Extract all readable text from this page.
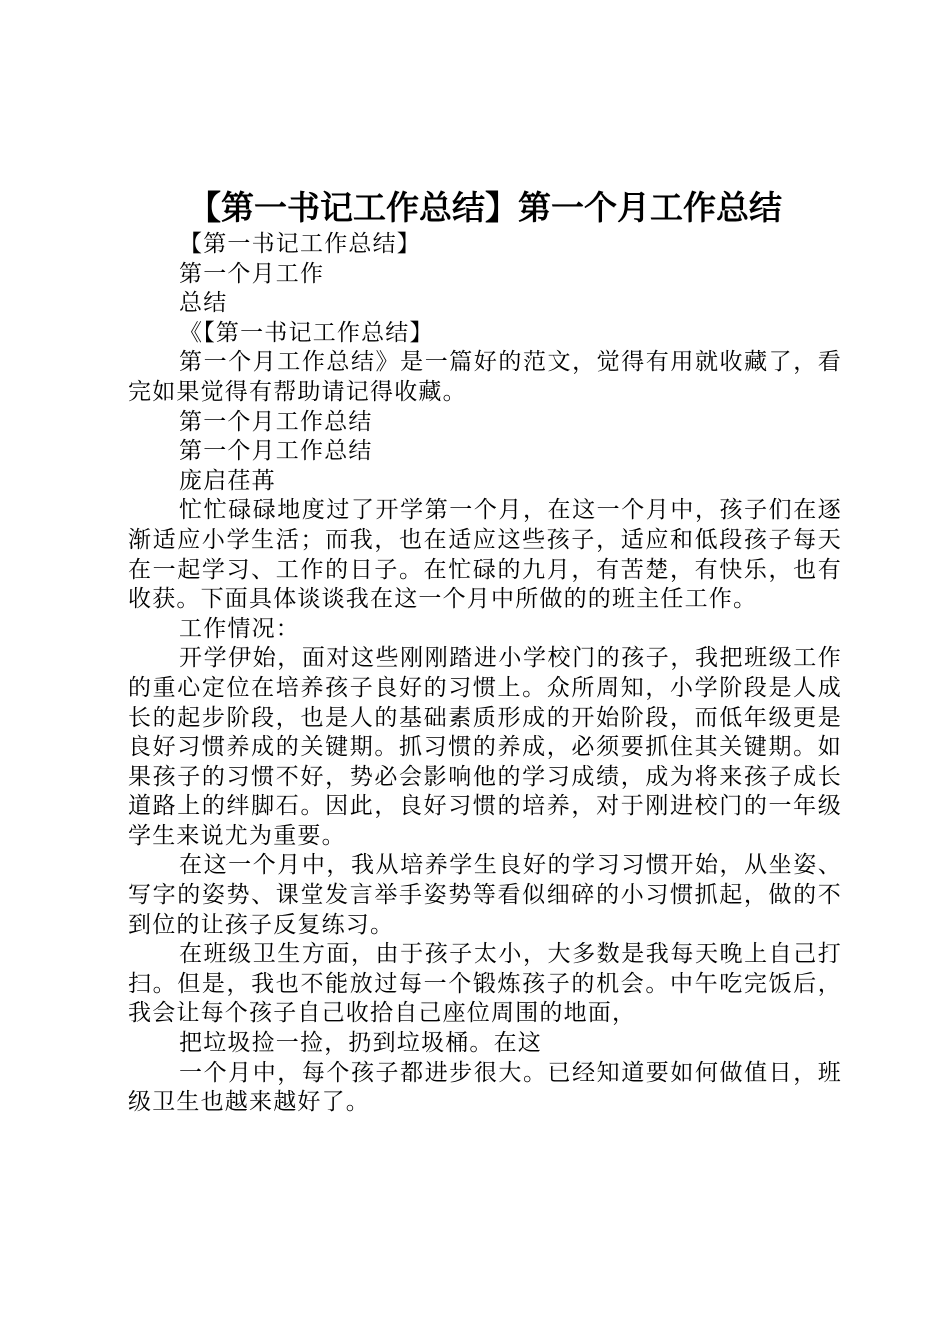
【第一书记工作总结】第一个月工作总结

【第一书记工作总结】

第一个月工作

总结

《【第一书记工作总结】

第一个月工作总结》是一篇好的范文，觉得有用就收藏了，看完如果觉得有帮助请记得收藏。

第一个月工作总结

第一个月工作总结

庞启荏苒

忙忙碌碌地度过了开学第一个月，在这一个月中，孩子们在逐渐适应小学生活；而我，也在适应这些孩子，适应和低段孩子每天在一起学习、工作的日子。在忙碌的九月，有苦楚，有快乐，也有收获。下面具体谈谈我在这一个月中所做的的班主任工作。

工作情况：

开学伊始，面对这些刚刚踏进小学校门的孩子，我把班级工作的重心定位在培养孩子良好的习惯上。众所周知，小学阶段是人成长的起步阶段，也是人的基础素质形成的开始阶段，而低年级更是良好习惯养成的关键期。抓习惯的养成，必须要抓住其关键期。如果孩子的习惯不好，势必会影响他的学习成绩，成为将来孩子成长道路上的绊脚石。因此，良好习惯的培养，对于刚进校门的一年级学生来说尤为重要。

在这一个月中，我从培养学生良好的学习习惯开始，从坐姿、写字的姿势、课堂发言举手姿势等看似细碎的小习惯抓起，做的不到位的让孩子反复练习。

在班级卫生方面，由于孩子太小，大多数是我每天晚上自己打扫。但是，我也不能放过每一个锻炼孩子的机会。中午吃完饭后，我会让每个孩子自己收拾自己座位周围的地面，

把垃圾捡一捡，扔到垃圾桶。在这

一个月中，每个孩子都进步很大。已经知道要如何做值日，班级卫生也越来越好了。
